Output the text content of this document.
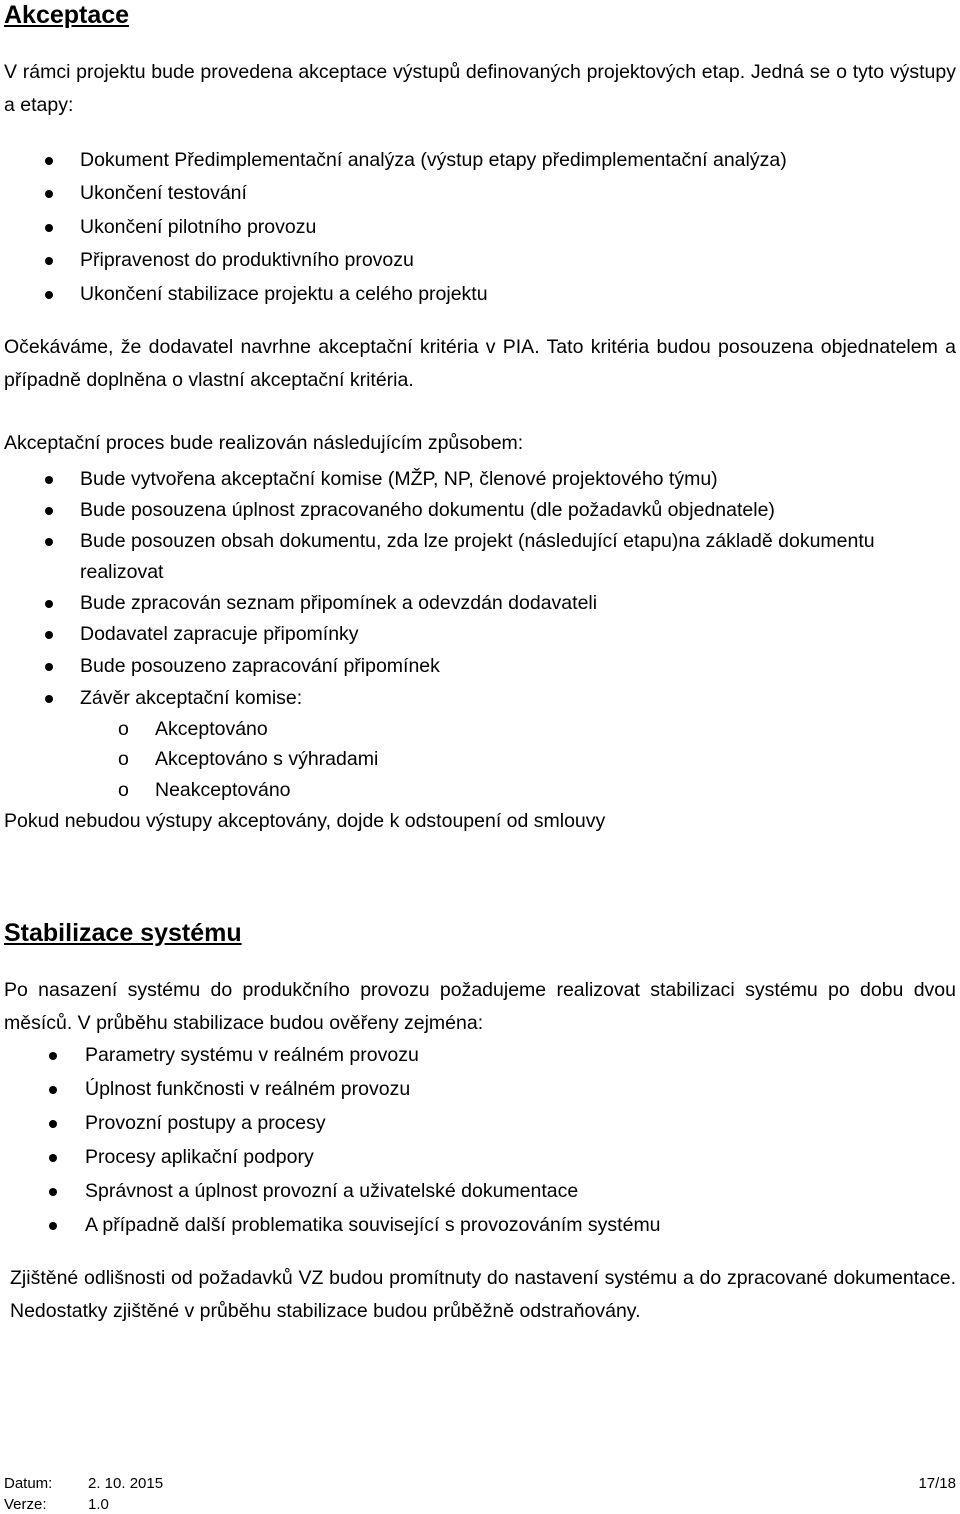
Akceptace
V rámci projektu bude provedena akceptace výstupů definovaných projektových etap. Jedná se o tyto výstupy a etapy:
Dokument Předimplementační analýza (výstup etapy předimplementační analýza)
Ukončení testování
Ukončení pilotního provozu
Připravenost do produktivního provozu
Ukončení stabilizace projektu a celého projektu
Očekáváme, že dodavatel navrhne akceptační kritéria v PIA. Tato kritéria budou posouzena objednatelem a případně doplněna o vlastní akceptační kritéria.
Akceptační proces bude realizován následujícím způsobem:
Bude vytvořena akceptační komise (MŽP, NP, členové projektového týmu)
Bude posouzena úplnost zpracovaného dokumentu (dle požadavků objednatele)
Bude posouzen obsah dokumentu, zda lze projekt (následující etapu)na základě dokumentu
realizovat
Bude zpracován seznam připomínek a odevzdán dodavateli
Dodavatel zapracuje připomínky
Bude posouzeno zapracování připomínek
Závěr akceptační komise:
o Akceptováno
o Akceptováno s výhradami
o Neakceptováno
Pokud nebudou výstupy akceptovány, dojde k odstoupení od smlouvy
Stabilizace systému
Po nasazení systému do produkčního provozu požadujeme realizovat stabilizaci systému po dobu dvou měsíců. V průběhu stabilizace budou ověřeny zejména:
Parametry systému v reálném provozu
Úplnost funkčnosti v reálném provozu
Provozní postupy a procesy
Procesy aplikační podpory
Správnost a úplnost provozní a uživatelské dokumentace
A případně další problematika související s provozováním systému
Zjištěné odlišnosti od požadavků VZ budou promítnuty do nastavení systému a do zpracované dokumentace. Nedostatky zjištěné v průběhu stabilizace budou průběžně odstraňovány.
Datum: 2. 10. 2015
Verze:	1.0
17/18
